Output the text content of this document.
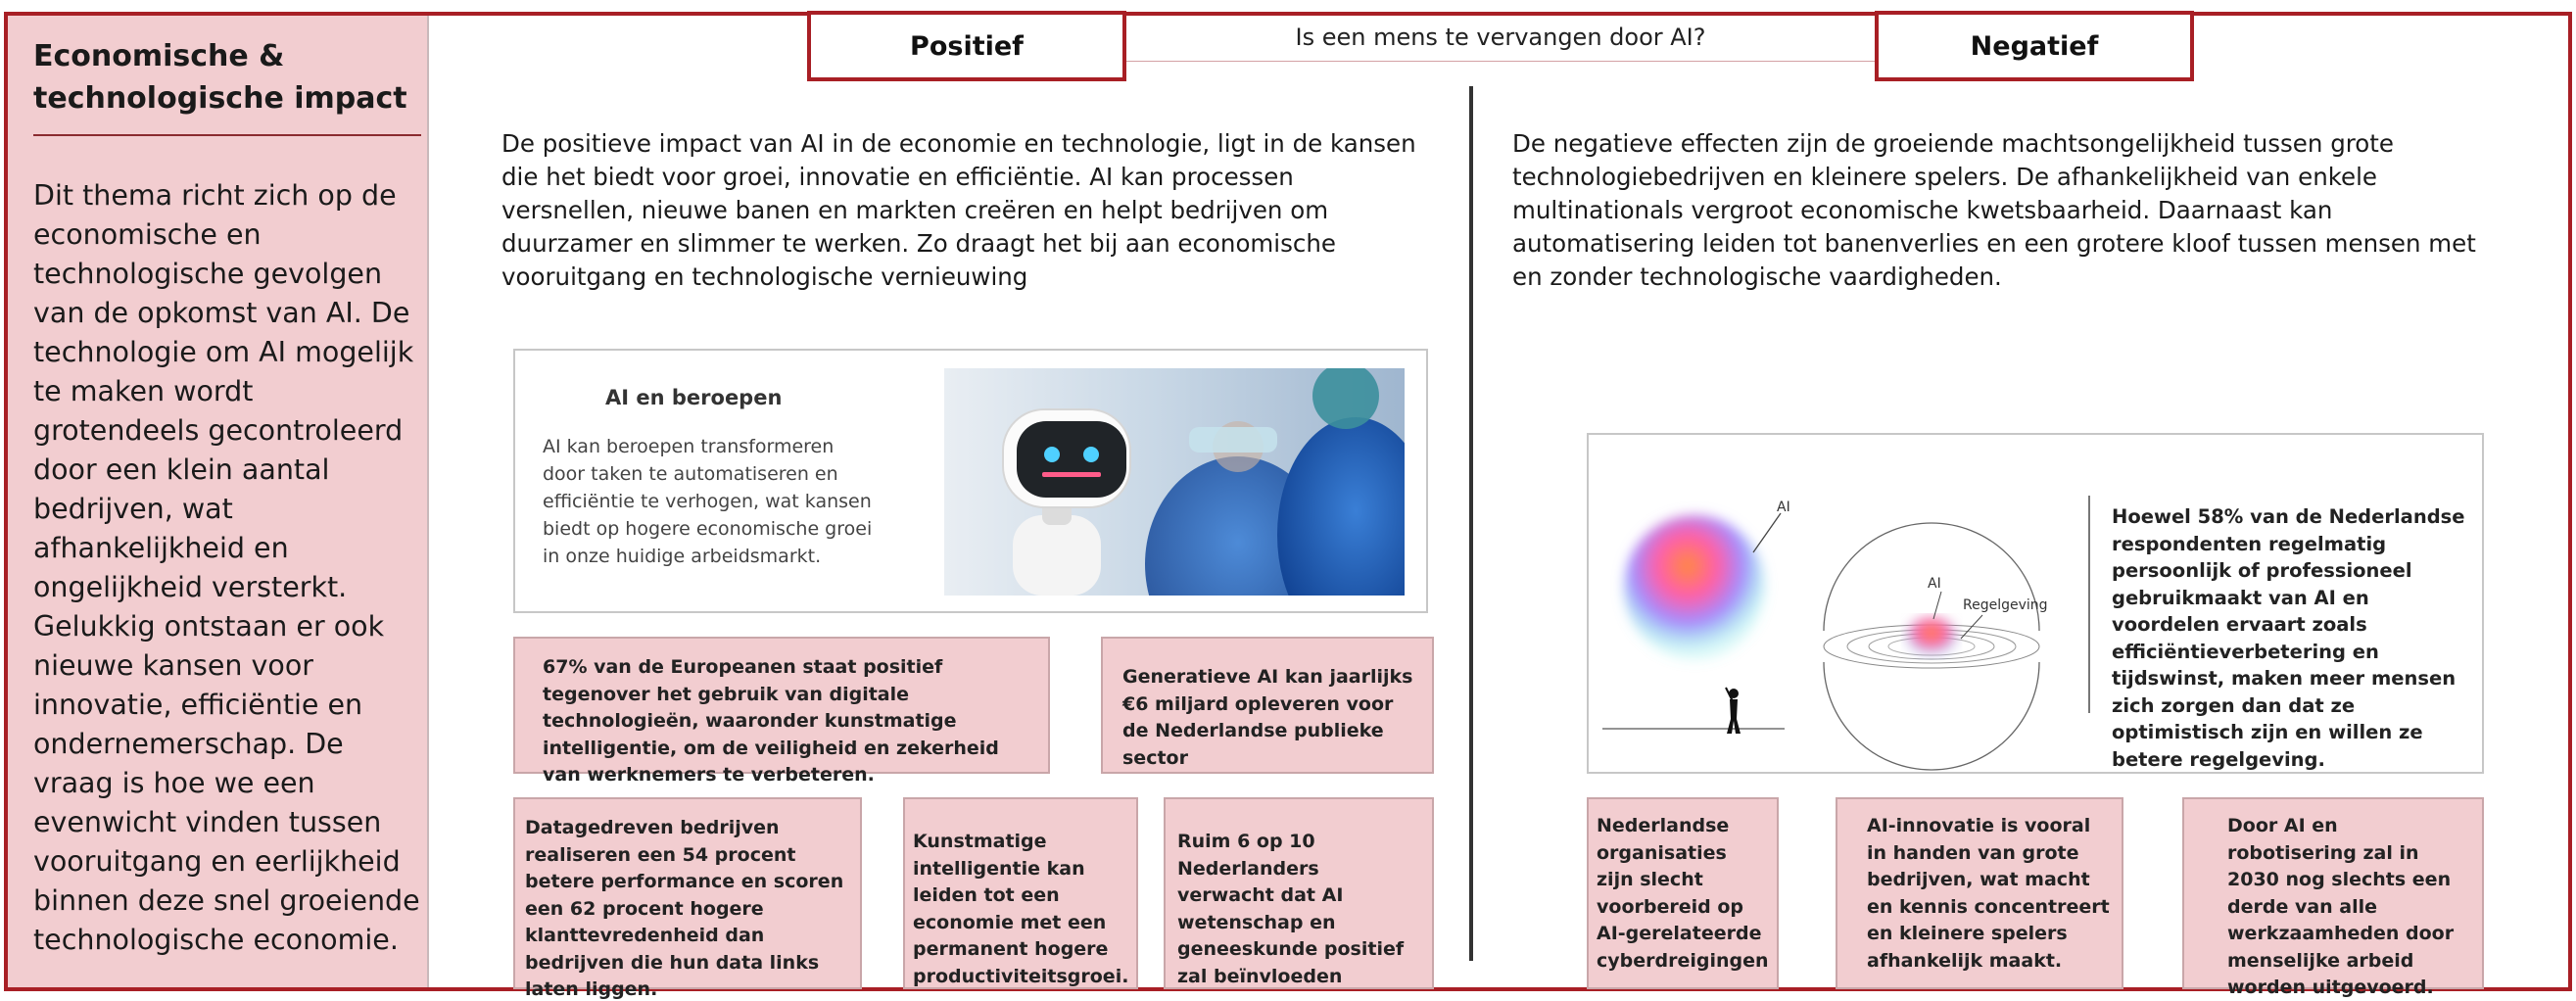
Economische & technologische impact

Dit thema richt zich op de economische en technologische gevolgen van de opkomst van AI. De technologie om AI mogelijk te maken wordt grotendeels gecontroleerd door een klein aantal bedrijven, wat afhankelijkheid en ongelijkheid versterkt. Gelukkig ontstaan er ook nieuwe kansen voor innovatie, efficiëntie en ondernemerschap. De vraag is hoe we een evenwicht vinden tussen vooruitgang en eerlijkheid binnen deze snel groeiende technologische economie.

Positief	Is een mens te vervangen door AI?	Negatief

De positieve impact van AI in de economie en technologie, ligt in de kansen die het biedt voor groei, innovatie en efficiëntie. AI kan processen versnellen, nieuwe banen en markten creëren en helpt bedrijven om duurzamer en slimmer te werken. Zo draagt het bij aan economische vooruitgang en technologische vernieuwing

AI en beroepen

AI kan beroepen transformeren door taken te automatiseren en efficiëntie te verhogen, wat kansen biedt op hogere economische groei in onze huidige arbeidsmarkt.

67% van de Europeanen staat positief tegenover het gebruik van digitale technologieën, waaronder kunstmatige intelligentie, om de veiligheid en zekerheid van werknemers te verbeteren.
Generatieve AI kan jaarlijks €6 miljard opleveren voor de Nederlandse publieke sector
Datagedreven bedrijven realiseren een 54 procent betere performance en scoren een 62 procent hogere klanttevredenheid dan bedrijven die hun data links laten liggen.
Kunstmatige intelligentie kan leiden tot een economie met een permanent hogere productiviteitsgroei.
Ruim 6 op 10 Nederlanders verwacht dat AI wetenschap en geneeskunde positief zal beïnvloeden

De negatieve effecten zijn de groeiende machtsongelijkheid tussen grote technologiebedrijven en kleinere spelers. De afhankelijkheid van enkele multinationals vergroot economische kwetsbaarheid. Daarnaast kan automatisering leiden tot banenverlies en een grotere kloof tussen mensen met en zonder technologische vaardigheden.

AI
AI
Regelgeving

Hoewel 58% van de Nederlandse respondenten regelmatig persoonlijk of professioneel gebruikmaakt van AI en voordelen ervaart zoals efficiëntieverbetering en tijdswinst, maken meer mensen zich zorgen dan dat ze optimistisch zijn en willen ze betere regelgeving.

Nederlandse organisaties zijn slecht voorbereid op AI-gerelateerde cyberdreigingen
AI-innovatie is vooral in handen van grote bedrijven, wat macht en kennis concentreert en kleinere spelers afhankelijk maakt.
Door AI en robotisering zal in 2030 nog slechts een derde van alle werkzaamheden door menselijke arbeid worden uitgevoerd.
